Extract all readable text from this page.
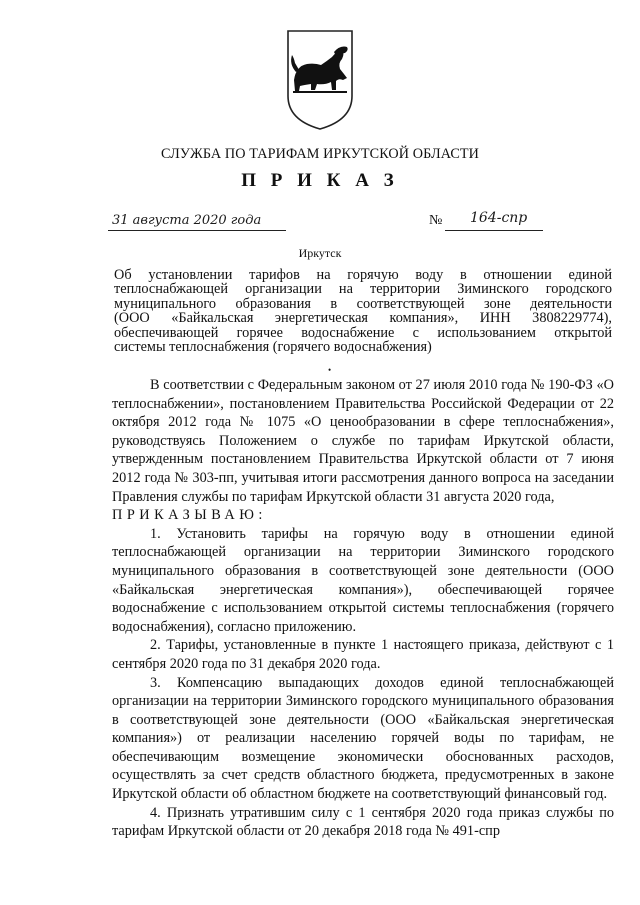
СЛУЖБА ПО ТАРИФАМ ИРКУТСКОЙ ОБЛАСТИ
П Р И К А З
31 августа 2020 года	№ 164-спр
Иркутск
Об установлении тарифов на горячую воду в отношении единой
теплоснабжающей организации на территории Зиминского городского
муниципального образования в соответствующей зоне деятельности
(ООО «Байкальская энергетическая компания», ИНН 3808229774),
обеспечивающей горячее водоснабжение с использованием открытой
системы теплоснабжения (горячего водоснабжения)
•

В соответствии с Федеральным законом от 27 июля 2010 года № 190-ФЗ «О теплоснабжении», постановлением Правительства Российской Федерации от 22 октября 2012 года № 1075 «О ценообразовании в сфере теплоснабжения», руководствуясь Положением о службе по тарифам Иркутской области, утвержденным постановлением Правительства Иркутской области от 7 июня 2012 года № 303-пп, учитывая итоги рассмотрения данного вопроса на заседании Правления службы по тарифам Иркутской области 31 августа 2020 года,

ПРИКАЗЫВАЮ:

1. Установить тарифы на горячую воду в отношении единой теплоснабжающей организации на территории Зиминского городского муниципального образования в соответствующей зоне деятельности (ООО «Байкальская энергетическая компания»), обеспечивающей горячее водоснабжение с использованием открытой системы теплоснабжения (горячего водоснабжения), согласно приложению.

2. Тарифы, установленные в пункте 1 настоящего приказа, действуют с 1 сентября 2020 года по 31 декабря 2020 года.

3. Компенсацию выпадающих доходов единой теплоснабжающей организации на территории Зиминского городского муниципального образования в соответствующей зоне деятельности (ООО «Байкальская энергетическая компания») от реализации населению горячей воды по тарифам, не обеспечивающим возмещение экономически обоснованных расходов, осуществлять за счет средств областного бюджета, предусмотренных в законе Иркутской области об областном бюджете на соответствующий финансовый год.

4. Признать утратившим силу с 1 сентября 2020 года приказ службы по тарифам Иркутской области от 20 декабря 2018 года № 491-спр
